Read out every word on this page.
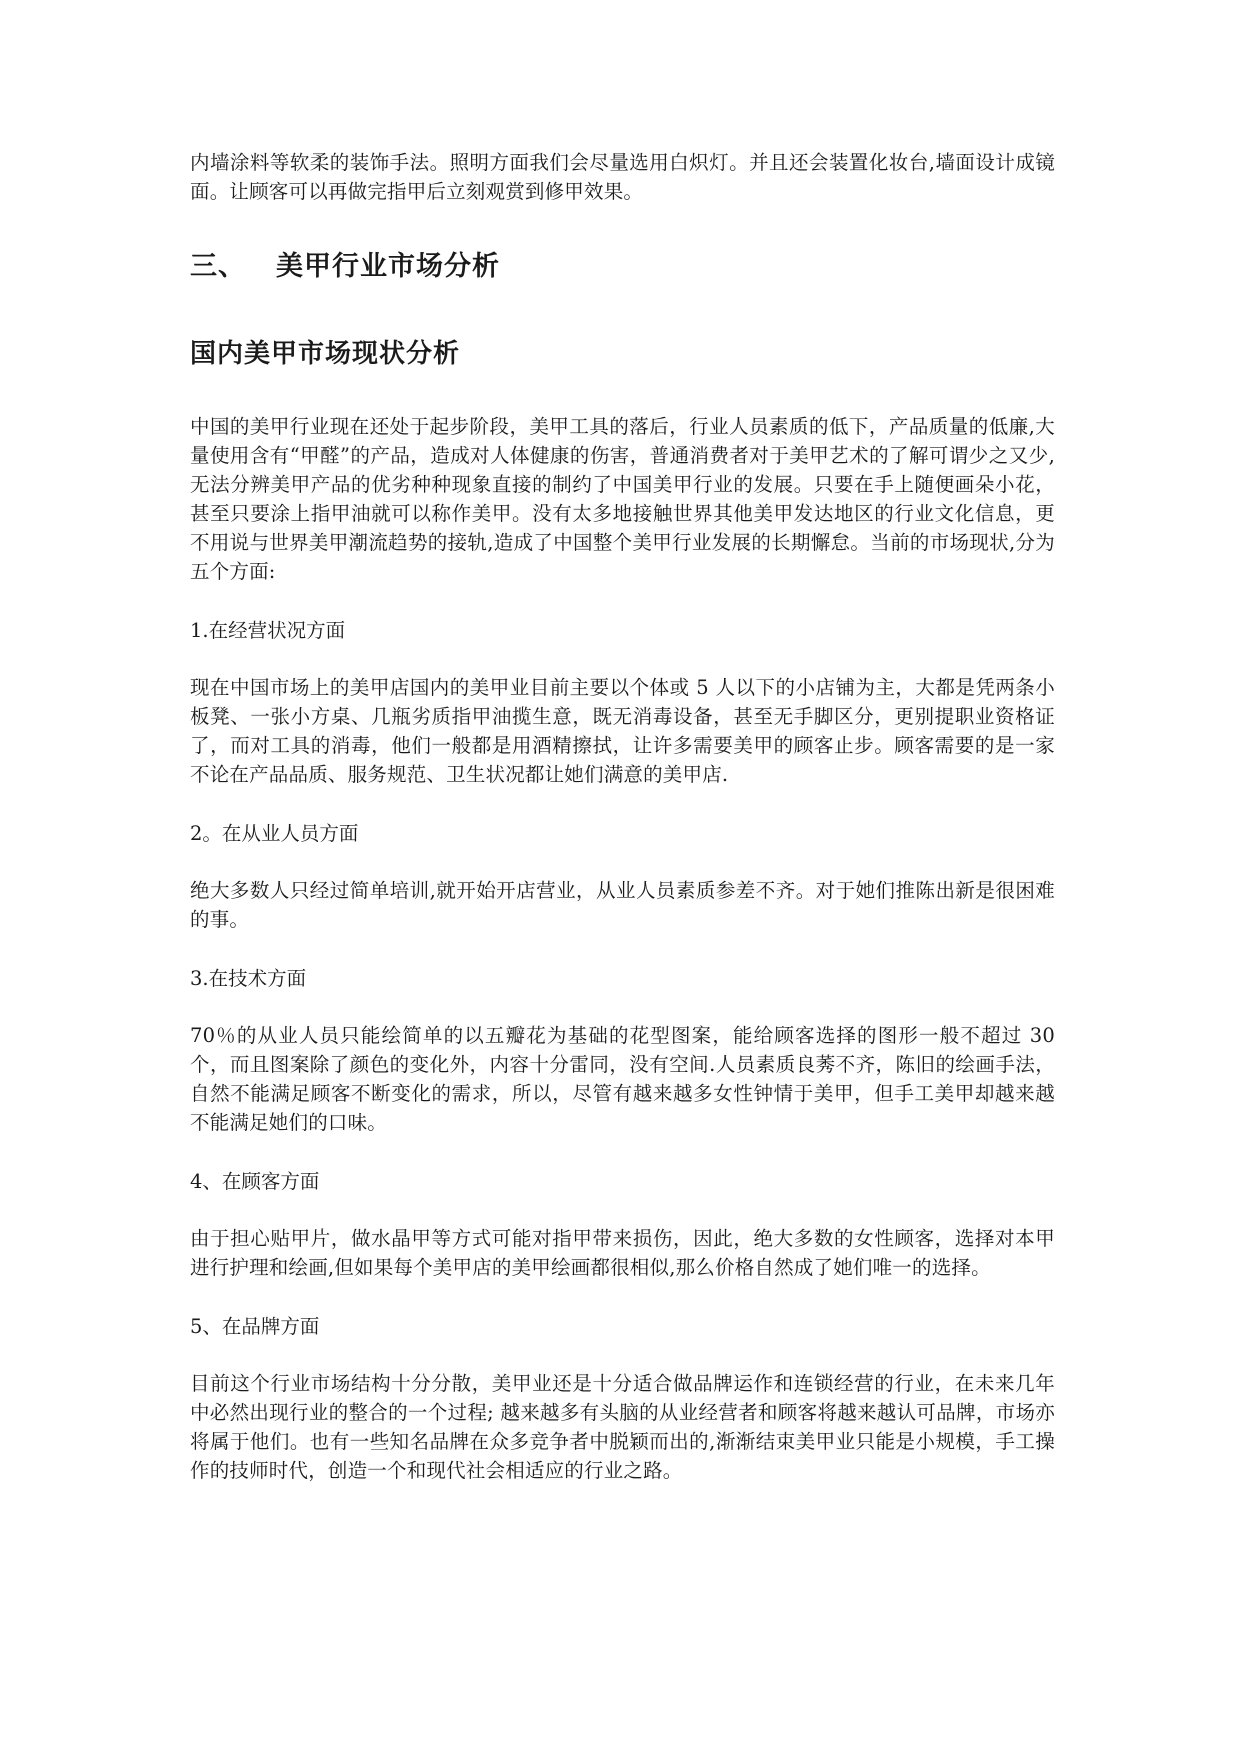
内墙涂料等软柔的装饰手法。照明方面我们会尽量选用白炽灯。并且还会装置化妆台,墙面设计成镜面。让顾客可以再做完指甲后立刻观赏到修甲效果。

三、 美甲行业市场分析
国内美甲市场现状分析

中国的美甲行业现在还处于起步阶段，美甲工具的落后，行业人员素质的低下，产品质量的低廉,大量使用含有“甲醛”的产品，造成对人体健康的伤害，普通消费者对于美甲艺术的了解可谓少之又少,无法分辨美甲产品的优劣种种现象直接的制约了中国美甲行业的发展。只要在手上随便画朵小花，甚至只要涂上指甲油就可以称作美甲。没有太多地接触世界其他美甲发达地区的行业文化信息，更不用说与世界美甲潮流趋势的接轨,造成了中国整个美甲行业发展的长期懈怠。当前的市场现状,分为五个方面:

1.在经营状况方面

现在中国市场上的美甲店国内的美甲业目前主要以个体或 5 人以下的小店铺为主，大都是凭两条小板凳、一张小方桌、几瓶劣质指甲油揽生意，既无消毒设备，甚至无手脚区分，更别提职业资格证了，而对工具的消毒，他们一般都是用酒精擦拭，让许多需要美甲的顾客止步。顾客需要的是一家不论在产品品质、服务规范、卫生状况都让她们满意的美甲店.

2。在从业人员方面

绝大多数人只经过简单培训,就开始开店营业，从业人员素质参差不齐。对于她们推陈出新是很困难的事。

3.在技术方面

70％的从业人员只能绘简单的以五瓣花为基础的花型图案，能给顾客选择的图形一般不超过 30 个，而且图案除了颜色的变化外，内容十分雷同，没有空间.人员素质良莠不齐，陈旧的绘画手法，自然不能满足顾客不断变化的需求，所以，尽管有越来越多女性钟情于美甲，但手工美甲却越来越不能满足她们的口味。

4、在顾客方面

由于担心贴甲片，做水晶甲等方式可能对指甲带来损伤，因此，绝大多数的女性顾客，选择对本甲进行护理和绘画,但如果每个美甲店的美甲绘画都很相似,那么价格自然成了她们唯一的选择。

5、在品牌方面

目前这个行业市场结构十分分散，美甲业还是十分适合做品牌运作和连锁经营的行业，在未来几年中必然出现行业的整合的一个过程; 越来越多有头脑的从业经营者和顾客将越来越认可品牌，市场亦将属于他们。也有一些知名品牌在众多竞争者中脱颖而出的,渐渐结束美甲业只能是小规模，手工操作的技师时代，创造一个和现代社会相适应的行业之路。
